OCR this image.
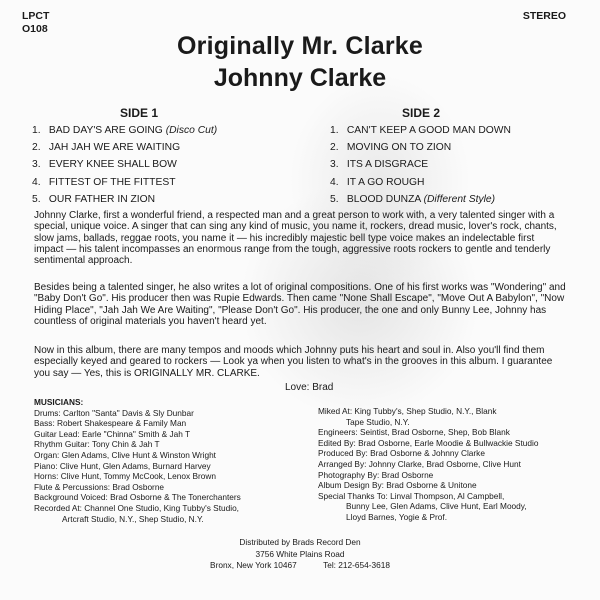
LPCT
O108
STEREO
Originally Mr. Clarke
Johnny Clarke
SIDE 1	SIDE 2
1. BAD DAY'S ARE GOING (Disco Cut)
2. JAH JAH WE ARE WAITING
3. EVERY KNEE SHALL BOW
4. FITTEST OF THE FITTEST
5. OUR FATHER IN ZION
1. CAN'T KEEP A GOOD MAN DOWN
2. MOVING ON TO ZION
3. ITS A DISGRACE
4. IT A GO ROUGH
5. BLOOD DUNZA (Different Style)
Johnny Clarke, first a wonderful friend, a respected man and a great person to work with, a very talented singer with a special, unique voice. A singer that can sing any kind of music, you name it, rockers, dread music, lover's rock, chants, slow jams, ballads, reggae roots, you name it — his incredibly majestic bell type voice makes an indelectable first impact — his talent incompasses an enormous range from the tough, aggressive roots rockers to gentle and tenderly sentimental approach.
Besides being a talented singer, he also writes a lot of original compositions. One of his first works was "Wondering" and "Baby Don't Go". His producer then was Rupie Edwards. Then came "None Shall Escape", "Move Out A Babylon", "Now Hiding Place", "Jah Jah We Are Waiting", "Please Don't Go". His producer, the one and only Bunny Lee, Johnny has countless of original materials you haven't heard yet.
Now in this album, there are many tempos and moods which Johnny puts his heart and soul in. Also you'll find them especially keyed and geared to rockers — Look ya when you listen to what's in the grooves in this album. I guarantee you say — Yes, this is ORIGINALLY MR. CLARKE.
Love: Brad
MUSICIANS:
Drums: Carlton "Santa" Davis & Sly Dunbar
Bass: Robert Shakespeare & Family Man
Guitar Lead: Earle "Chinna" Smith & Jah T
Rhythm Guitar: Tony Chin & Jah T
Organ: Glen Adams, Clive Hunt & Winston Wright
Piano: Clive Hunt, Glen Adams, Burnard Harvey
Horns: Clive Hunt, Tommy McCook, Lenox Brown
Flute & Percussions: Brad Osborne
Background Voiced: Brad Osborne & The Tonerchanters
Recorded At: Channel One Studio, King Tubby's Studio,
Artcraft Studio, N.Y., Shep Studio, N.Y.
Miked At: King Tubby's, Shep Studio, N.Y., Blank
Tape Studio, N.Y.
Engineers: Seintist, Brad Osborne, Shep, Bob Blank
Edited By: Brad Osborne, Earle Moodie & Bullwackie Studio
Produced By: Brad Osborne & Johnny Clarke
Arranged By: Johnny Clarke, Brad Osborne, Clive Hunt
Photography By: Brad Osborne
Album Design By: Brad Osborne & Unitone
Special Thanks To: Linval Thompson, Al Campbell,
Bunny Lee, Glen Adams, Clive Hunt, Earl Moody,
Lloyd Barnes, Yogie & Prof.
Distributed by Brads Record Den
3756 White Plains Road
Bronx, New York 10467	Tel: 212-654-3618
